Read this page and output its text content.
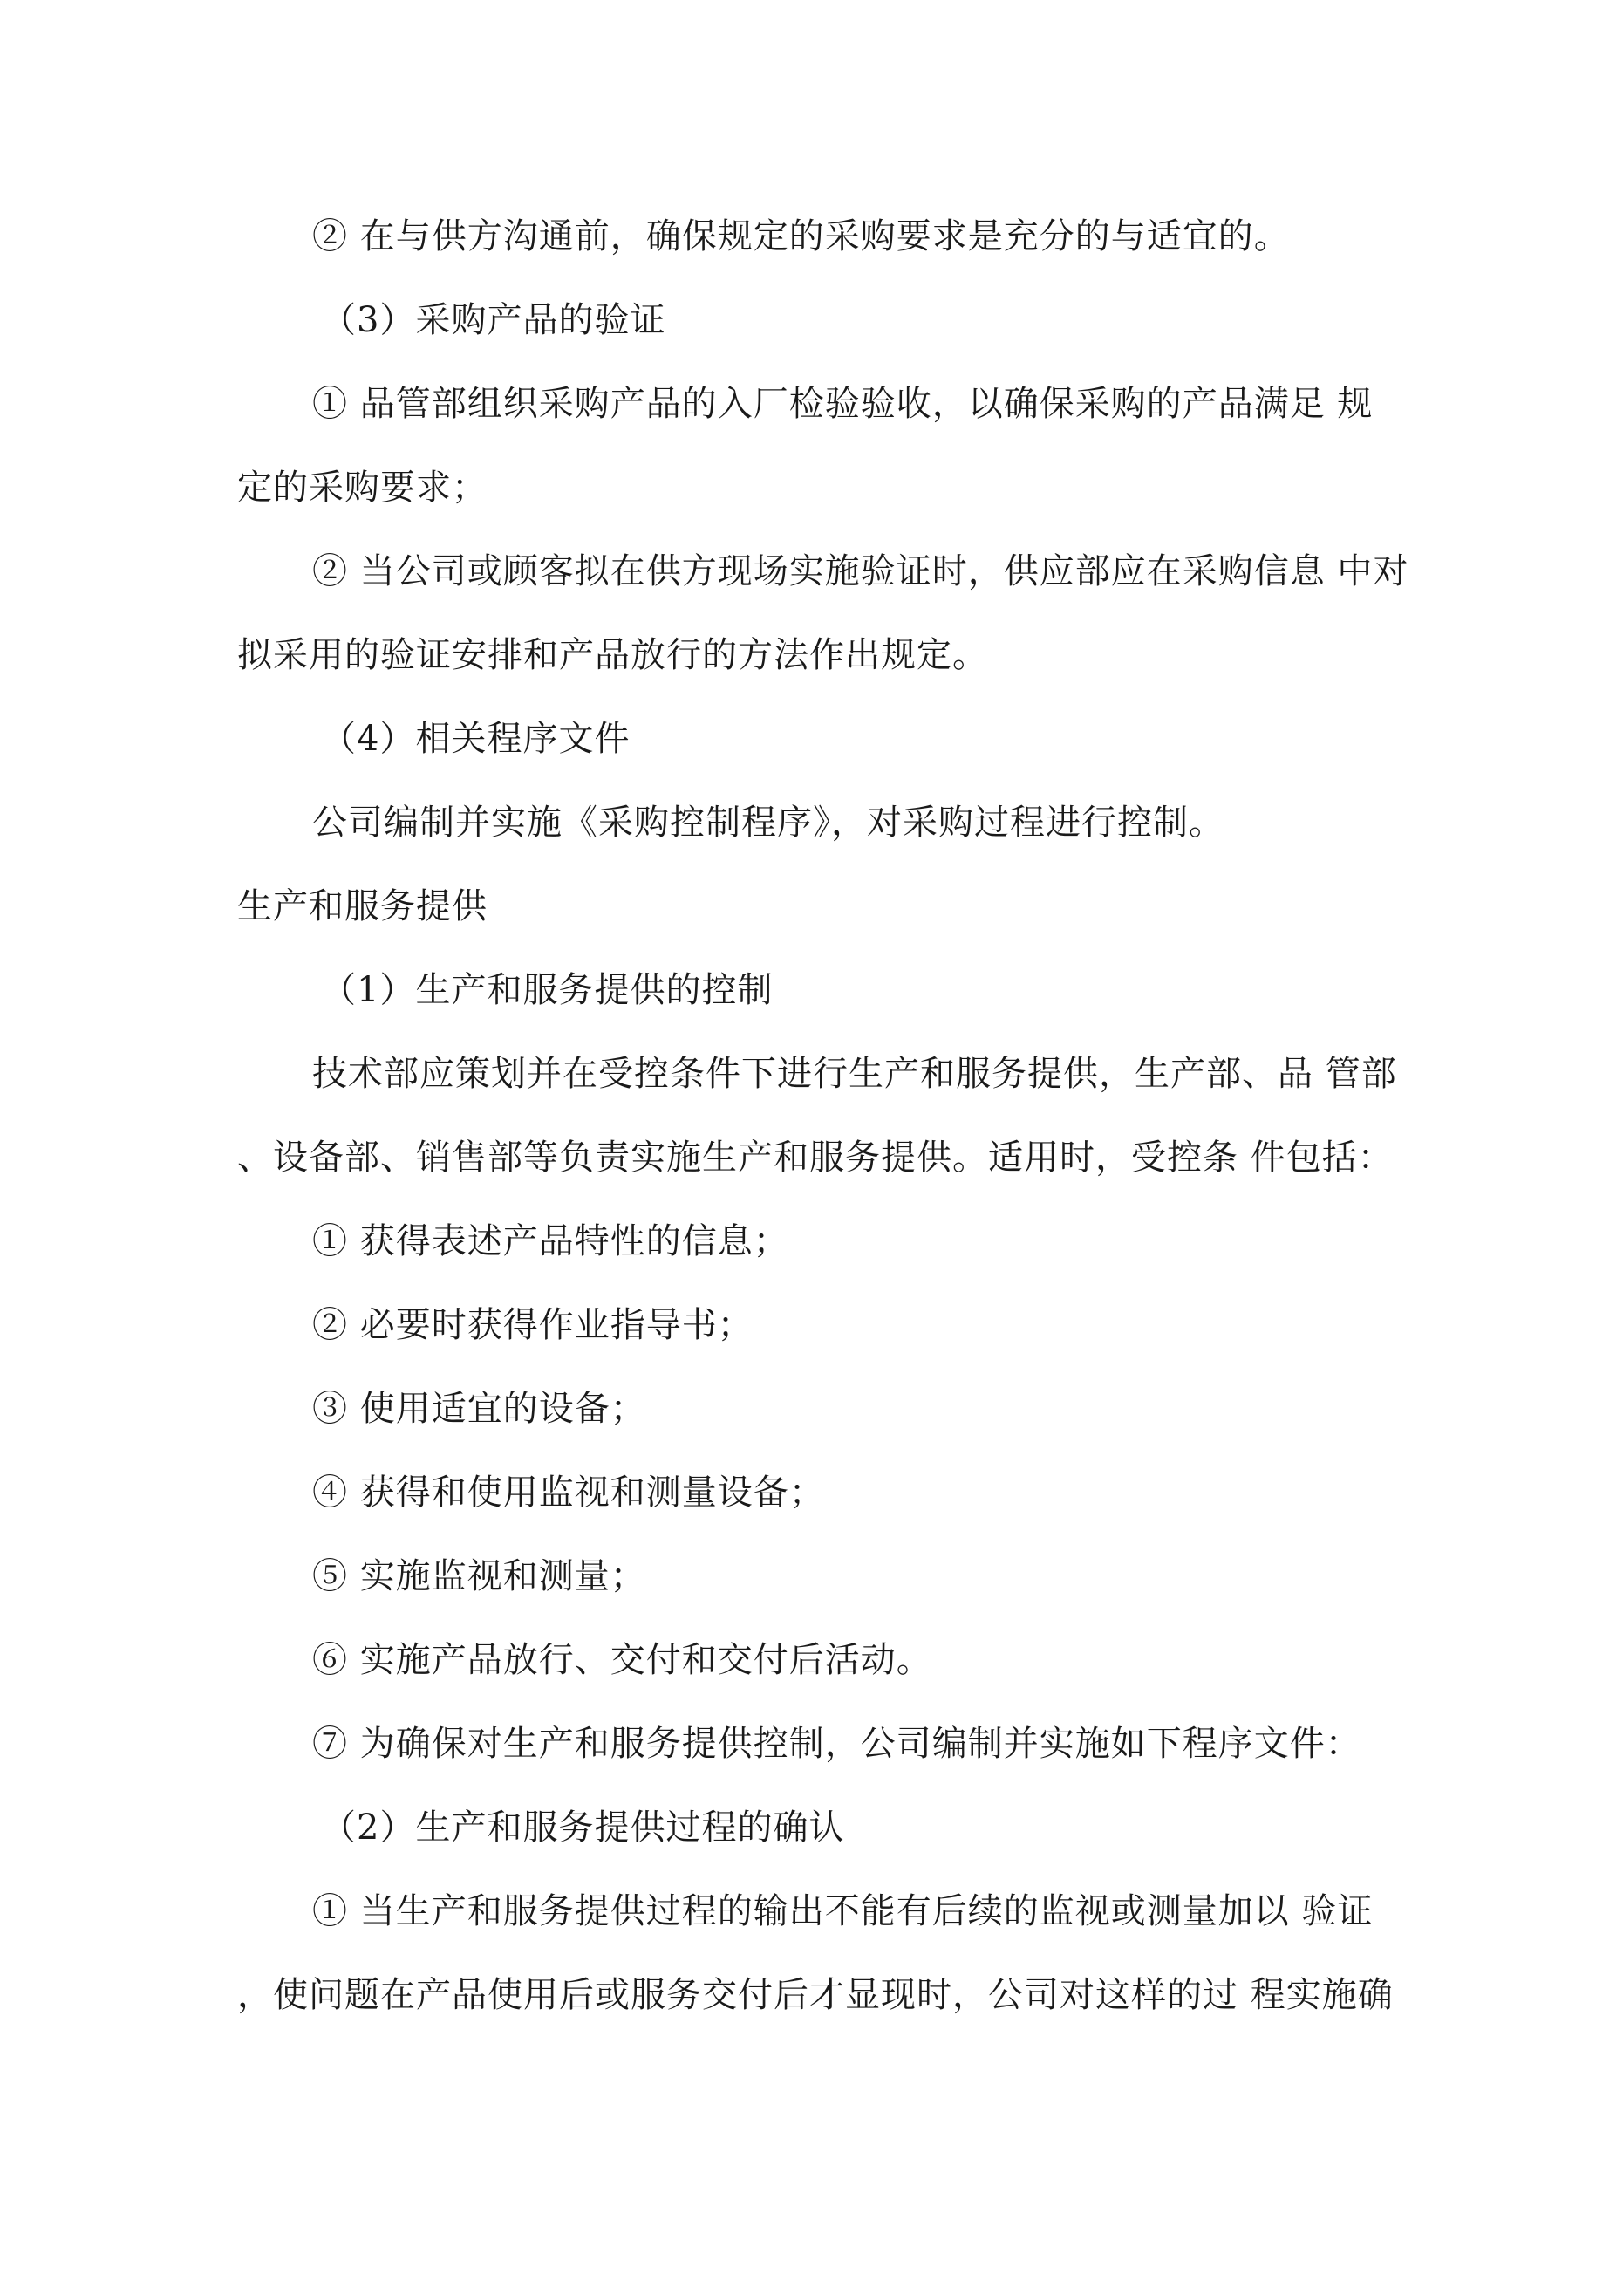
② 在与供方沟通前，确保规定的采购要求是充分的与适宜的。
（3）采购产品的验证
① 品管部组织采购产品的入厂检验验收，以确保采购的产品满足 规
定的采购要求；
② 当公司或顾客拟在供方现场实施验证时，供应部应在采购信息 中对
拟采用的验证安排和产品放行的方法作出规定。
（4）相关程序文件
公司编制并实施《采购控制程序》，对采购过程进行控制。
生产和服务提供
（1）生产和服务提供的控制
技术部应策划并在受控条件下进行生产和服务提供，生产部、品 管部
、设备部、销售部等负责实施生产和服务提供。适用时，受控条 件包括：
① 获得表述产品特性的信息；
② 必要时获得作业指导书；
③ 使用适宜的设备；
④ 获得和使用监视和测量设备；
⑤ 实施监视和测量；
⑥ 实施产品放行、交付和交付后活动。
⑦ 为确保对生产和服务提供控制，公司编制并实施如下程序文件：
（2）生产和服务提供过程的确认
① 当生产和服务提供过程的输出不能有后续的监视或测量加以 验证
，使问题在产品使用后或服务交付后才显现时，公司对这样的过 程实施确
